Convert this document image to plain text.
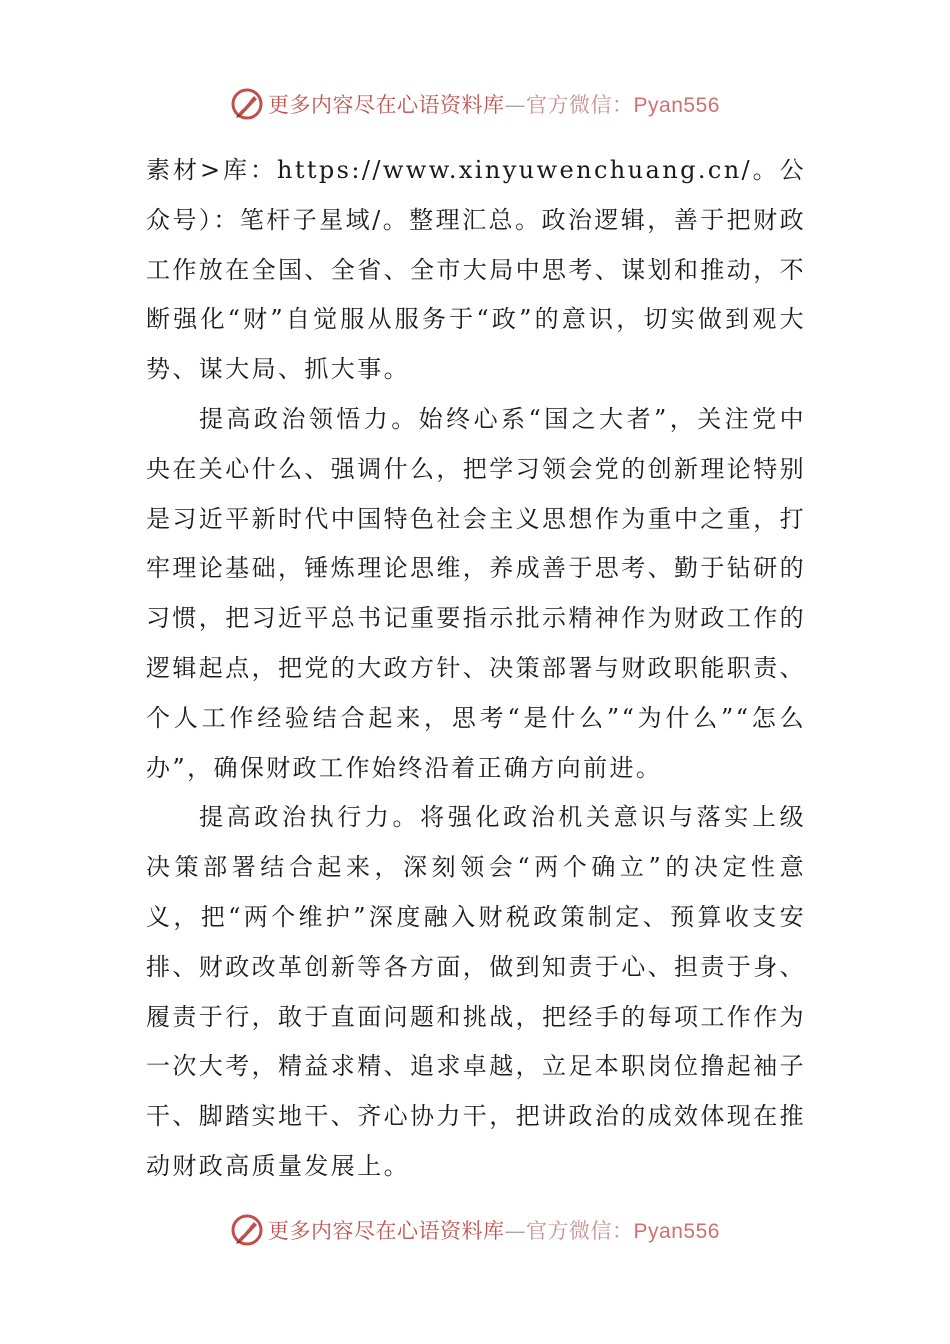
更多内容尽在心语资料库—官方微信：Pyan556

素材>库：https://www.xinyuwenchuang.cn/。公众号）：笔杆子星域/。整理汇总。政治逻辑，善于把财政工作放在全国、全省、全市大局中思考、谋划和推动，不断强化“财”自觉服从服务于“政”的意识，切实做到观大势、谋大局、抓大事。

提高政治领悟力。始终心系“国之大者”，关注党中央在关心什么、强调什么，把学习领会党的创新理论特别是习近平新时代中国特色社会主义思想作为重中之重，打牢理论基础，锤炼理论思维，养成善于思考、勤于钻研的习惯，把习近平总书记重要指示批示精神作为财政工作的逻辑起点，把党的大政方针、决策部署与财政职能职责、个人工作经验结合起来，思考“是什么”“为什么”“怎么办”，确保财政工作始终沿着正确方向前进。

提高政治执行力。将强化政治机关意识与落实上级决策部署结合起来，深刻领会“两个确立”的决定性意义，把“两个维护”深度融入财税政策制定、预算收支安排、财政改革创新等各方面，做到知责于心、担责于身、履责于行，敢于直面问题和挑战，把经手的每项工作作为一次大考，精益求精、追求卓越，立足本职岗位撸起袖子干、脚踏实地干、齐心协力干，把讲政治的成效体现在推动财政高质量发展上。

更多内容尽在心语资料库—官方微信：Pyan556
